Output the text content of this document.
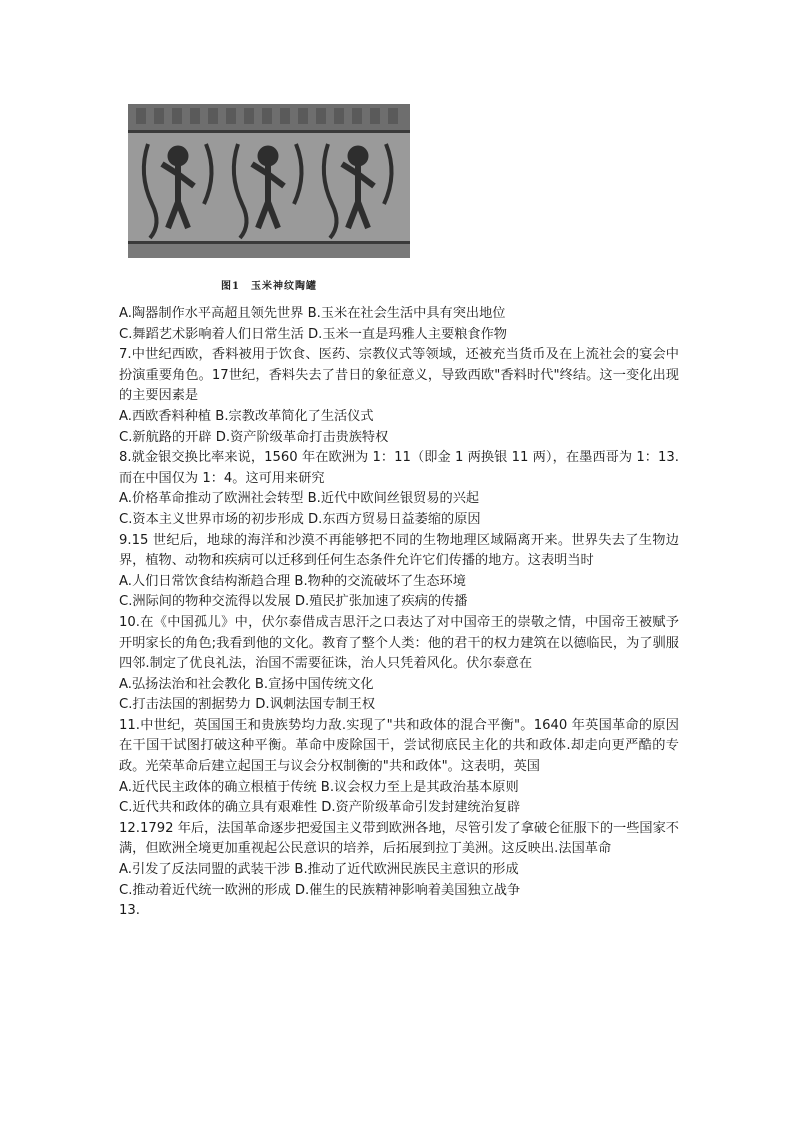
图1　玉米神纹陶罐

A.陶器制作水平高超且领先世界 B.玉米在社会生活中具有突出地位

C.舞蹈艺术影响着人们日常生活 D.玉米一直是玛雅人主要粮食作物

7.中世纪西欧，香料被用于饮食、医药、宗教仪式等领域，还被充当货币及在上流社会的宴会中扮演重要角色。17世纪，香料失去了昔日的象征意义，导致西欧"香料时代"终结。这一变化出现的主要因素是

A.西欧香料种植 B.宗教改革简化了生活仪式

C.新航路的开辟 D.资产阶级革命打击贵族特权

8.就金银交换比率来说，1560 年在欧洲为 1：11（即金 1 两换银 11 两），在墨西哥为 1：13.而在中国仅为 1：4。这可用来研究

A.价格革命推动了欧洲社会转型 B.近代中欧间丝银贸易的兴起

C.资本主义世界市场的初步形成 D.东西方贸易日益萎缩的原因

9.15 世纪后，地球的海洋和沙漠不再能够把不同的生物地理区域隔离开来。世界失去了生物边界，植物、动物和疾病可以迁移到任何生态条件允许它们传播的地方。这表明当时

A.人们日常饮食结构渐趋合理 B.物种的交流破坏了生态环境

C.洲际间的物种交流得以发展 D.殖民扩张加速了疾病的传播

10.在《中国孤儿》中，伏尔泰借成吉思汗之口表达了对中国帝王的崇敬之情，中国帝王被赋予开明家长的角色;我看到他的文化。教育了整个人类：他的君干的权力建筑在以德临民，为了驯服四邻.制定了优良礼法，治国不需要征诛，治人只凭着风化。伏尔泰意在

A.弘扬法治和社会教化 B.宣扬中国传统文化

C.打击法国的割据势力 D.讽刺法国专制王权

11.中世纪，英国国王和贵族势均力敌.实现了"共和政体的混合平衡"。1640 年英国革命的原因在干国干试图打破这种平衡。革命中废除国干，尝试彻底民主化的共和政体.却走向更严酷的专政。光荣革命后建立起国王与议会分权制衡的"共和政体"。这表明，英国

A.近代民主政体的确立根植于传统 B.议会权力至上是其政治基本原则

C.近代共和政体的确立具有艰难性 D.资产阶级革命引发封建统治复辟

12.1792 年后，法国革命逐步把爱国主义带到欧洲各地，尽管引发了拿破仑征服下的一些国家不满，但欧洲全境更加重视起公民意识的培养，后拓展到拉丁美洲。这反映出.法国革命

A.引发了反法同盟的武装干涉 B.推动了近代欧洲民族民主意识的形成

C.推动着近代统一欧洲的形成 D.催生的民族精神影响着美国独立战争

13.
